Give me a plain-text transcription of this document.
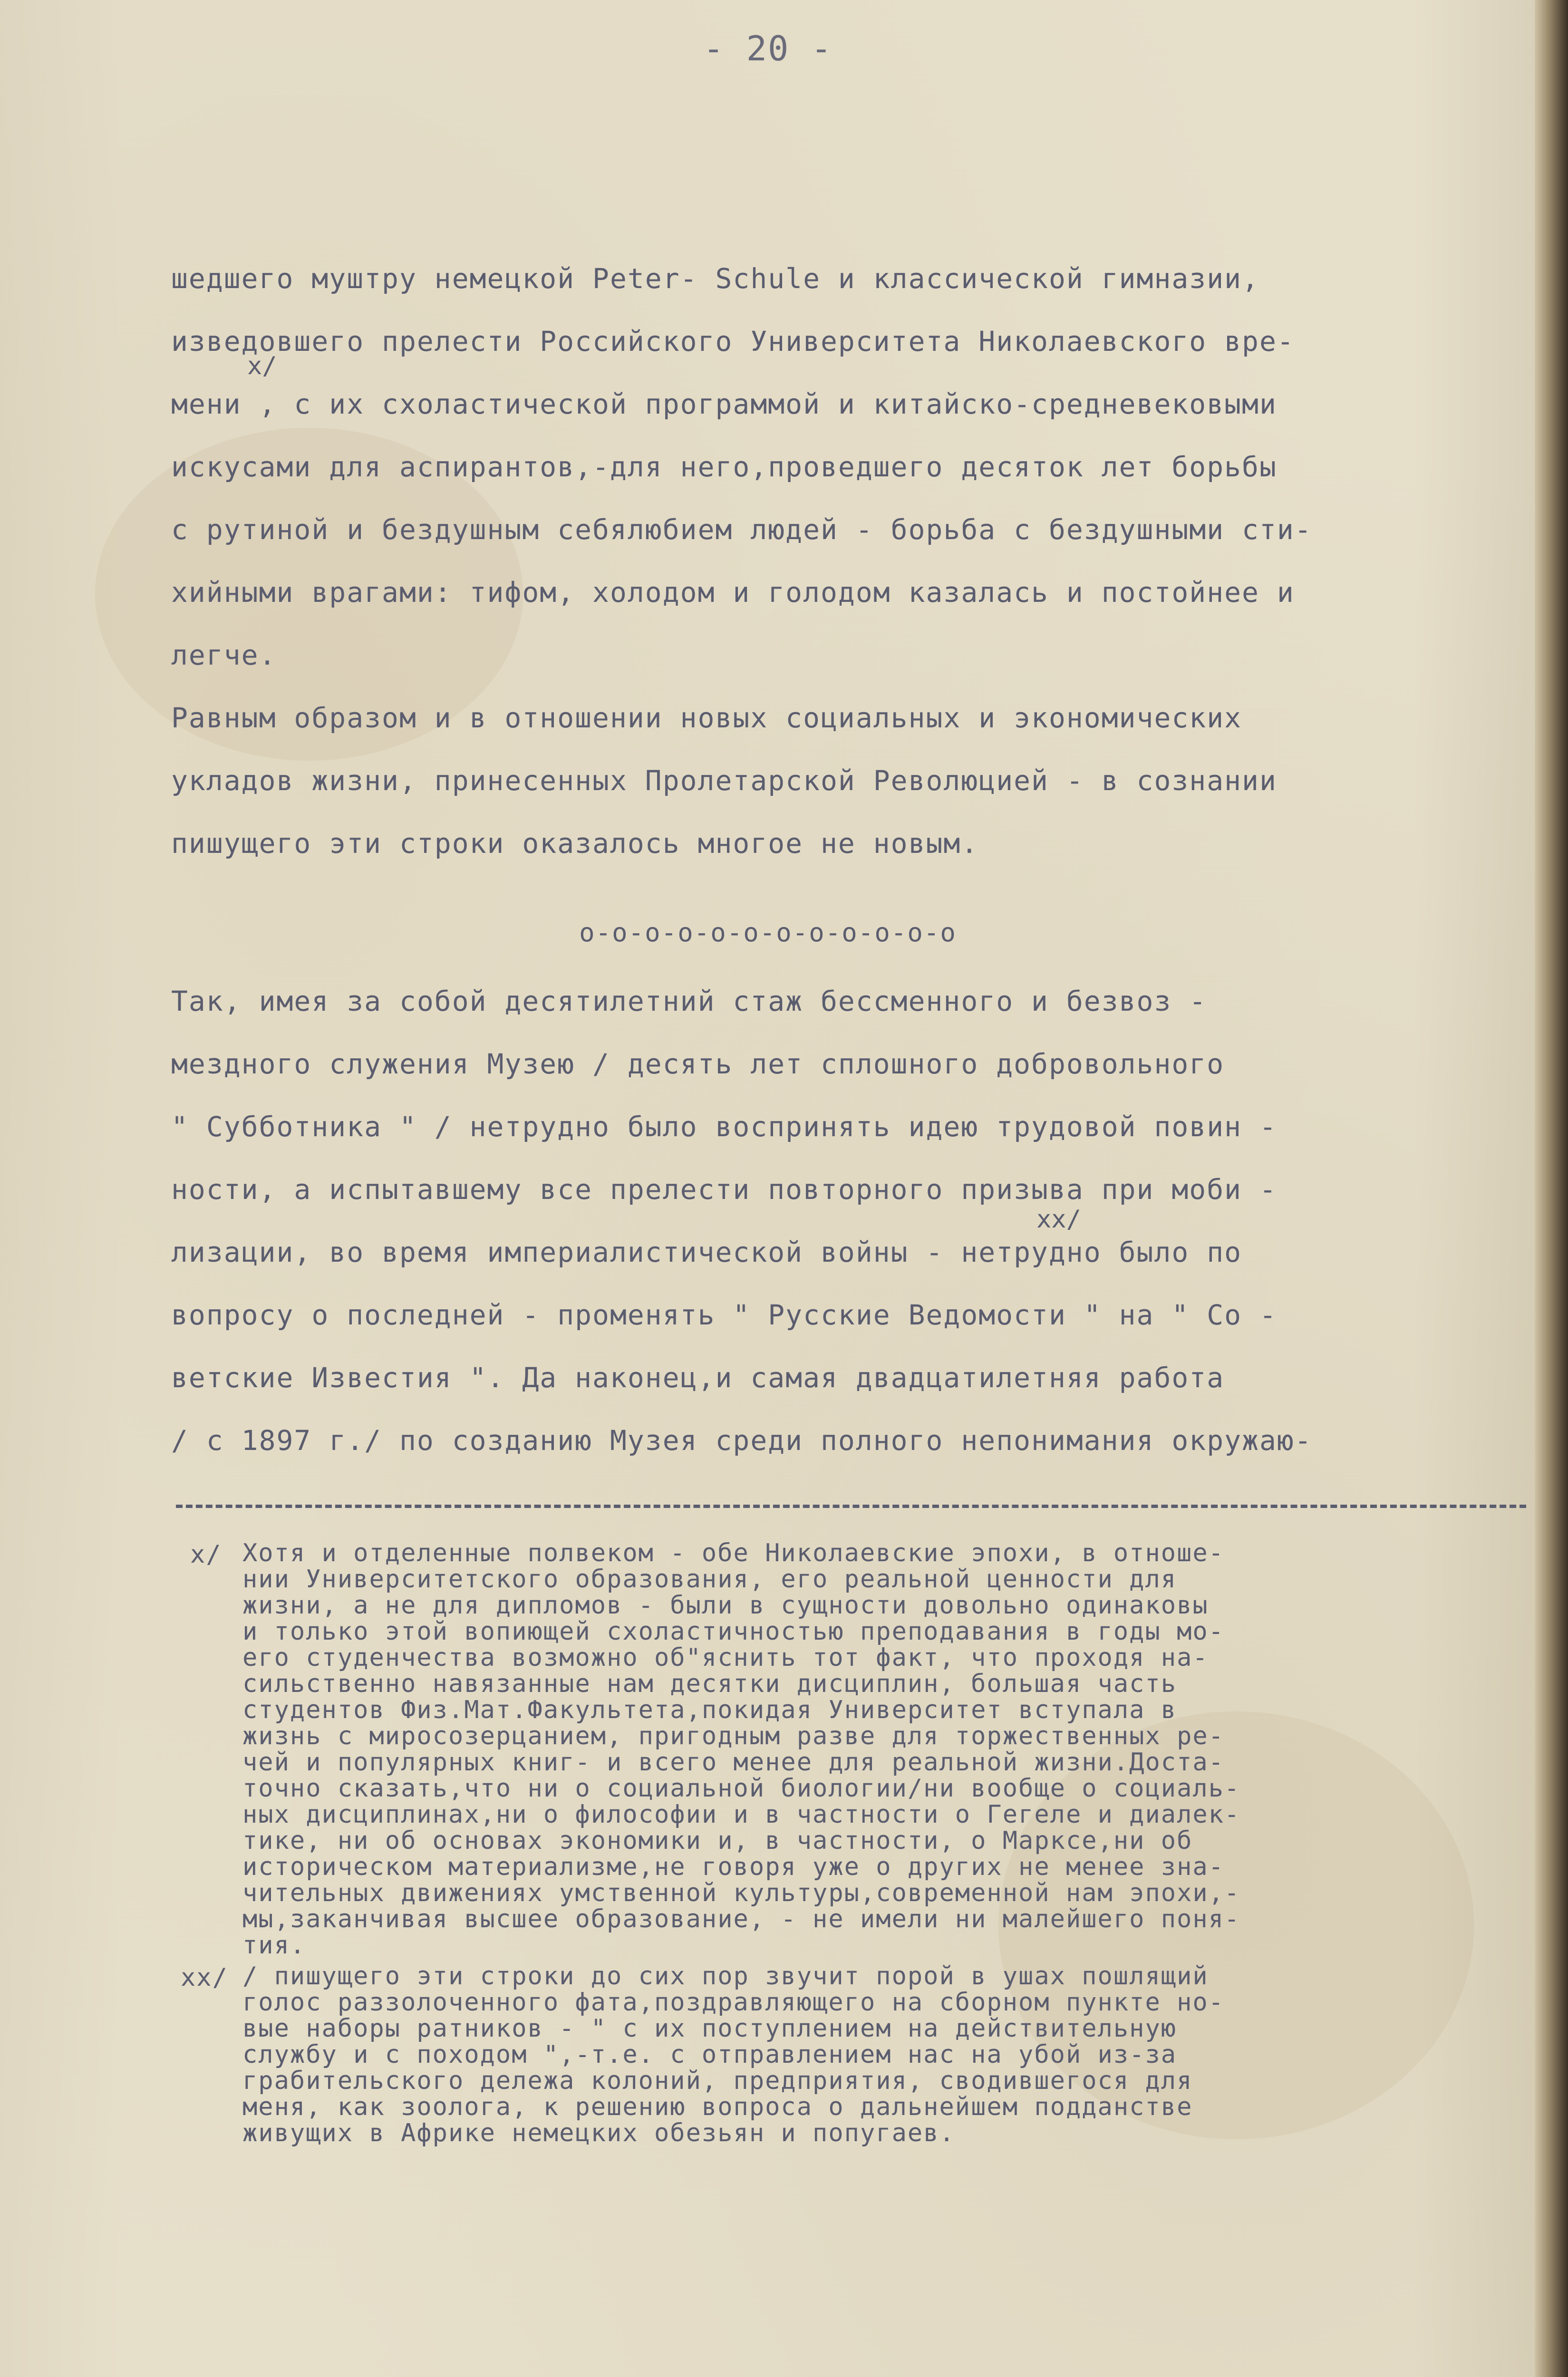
- 20 -
шедшего муштру немецкой Peter- Schule и классической гимназии,
изведовшего прелести Российского Университета Николаевского вре-
мени , с их схоластической программой и китайско-средневековыми
искусами для аспирантов,-для него,проведшего десяток лет борьбы
с рутиной и бездушным себялюбием людей - борьба с бездушными сти-
хийными врагами: тифом, холодом и голодом казалась и постойнее и
легче.
Равным образом и в отношении новых социальных и экономических
укладов жизни, принесенных Пролетарской Революцией - в сознании
пишущего эти строки оказалось многое не новым.
x/
о-о-о-о-о-о-о-о-о-о-о-о
Так, имея за собой десятилетний стаж бессменного и безвоз -
мездного служения Музею / десять лет сплошного добровольного
" Субботника " / нетрудно было воспринять идею трудовой повин -
ности, а испытавшему все прелести повторного призыва при моби -
лизации, во время империалистической войны - нетрудно было по
вопросу о последней - променять " Русские Ведомости " на " Со -
ветские Известия ". Да наконец,и самая двадцатилетняя работа
/ с 1897 г./ по созданию Музея среди полного непонимания окружаю-
xx/
x/ Хотя и отделенные полвеком - обе Николаевские эпохи, в отноше-
нии Университетского образования, его реальной ценности для
жизни, а не для дипломов - были в сущности довольно одинаковы
и только этой вопиющей схоластичностью преподавания в годы мо-
его студенчества возможно об"яснить тот факт, что проходя на-
сильственно навязанные нам десятки дисциплин, большая часть
студентов Физ.Мат.Факультета,покидая Университет вступала в
жизнь с миросозерцанием, пригодным разве для торжественных ре-
чей и популярных книг- и всего менее для реальной жизни.Доста-
точно сказать,что ни о социальной биологии/ни вообще о социаль-
ных дисциплинах,ни о философии и в частности о Гегеле и диалек-
тике, ни об основах экономики и, в частности, о Марксе,ни об
историческом материализме,не говоря уже о других не менее зна-
чительных движениях умственной культуры,современной нам эпохи,-
мы,заканчивая высшее образование, - не имели ни малейшего поня-
тия.
xx/ / пишущего эти строки до сих пор звучит порой в ушах пошлящий
голос раззолоченного фата,поздравляющего на сборном пункте но-
вые наборы ратников - " с их поступлением на действительную
службу и с походом ",-т.е. с отправлением нас на убой из-за
грабительского дележа колоний, предприятия, сводившегося для
меня, как зоолога, к решению вопроса о дальнейшем подданстве
живущих в Африке немецких обезьян и попугаев.
